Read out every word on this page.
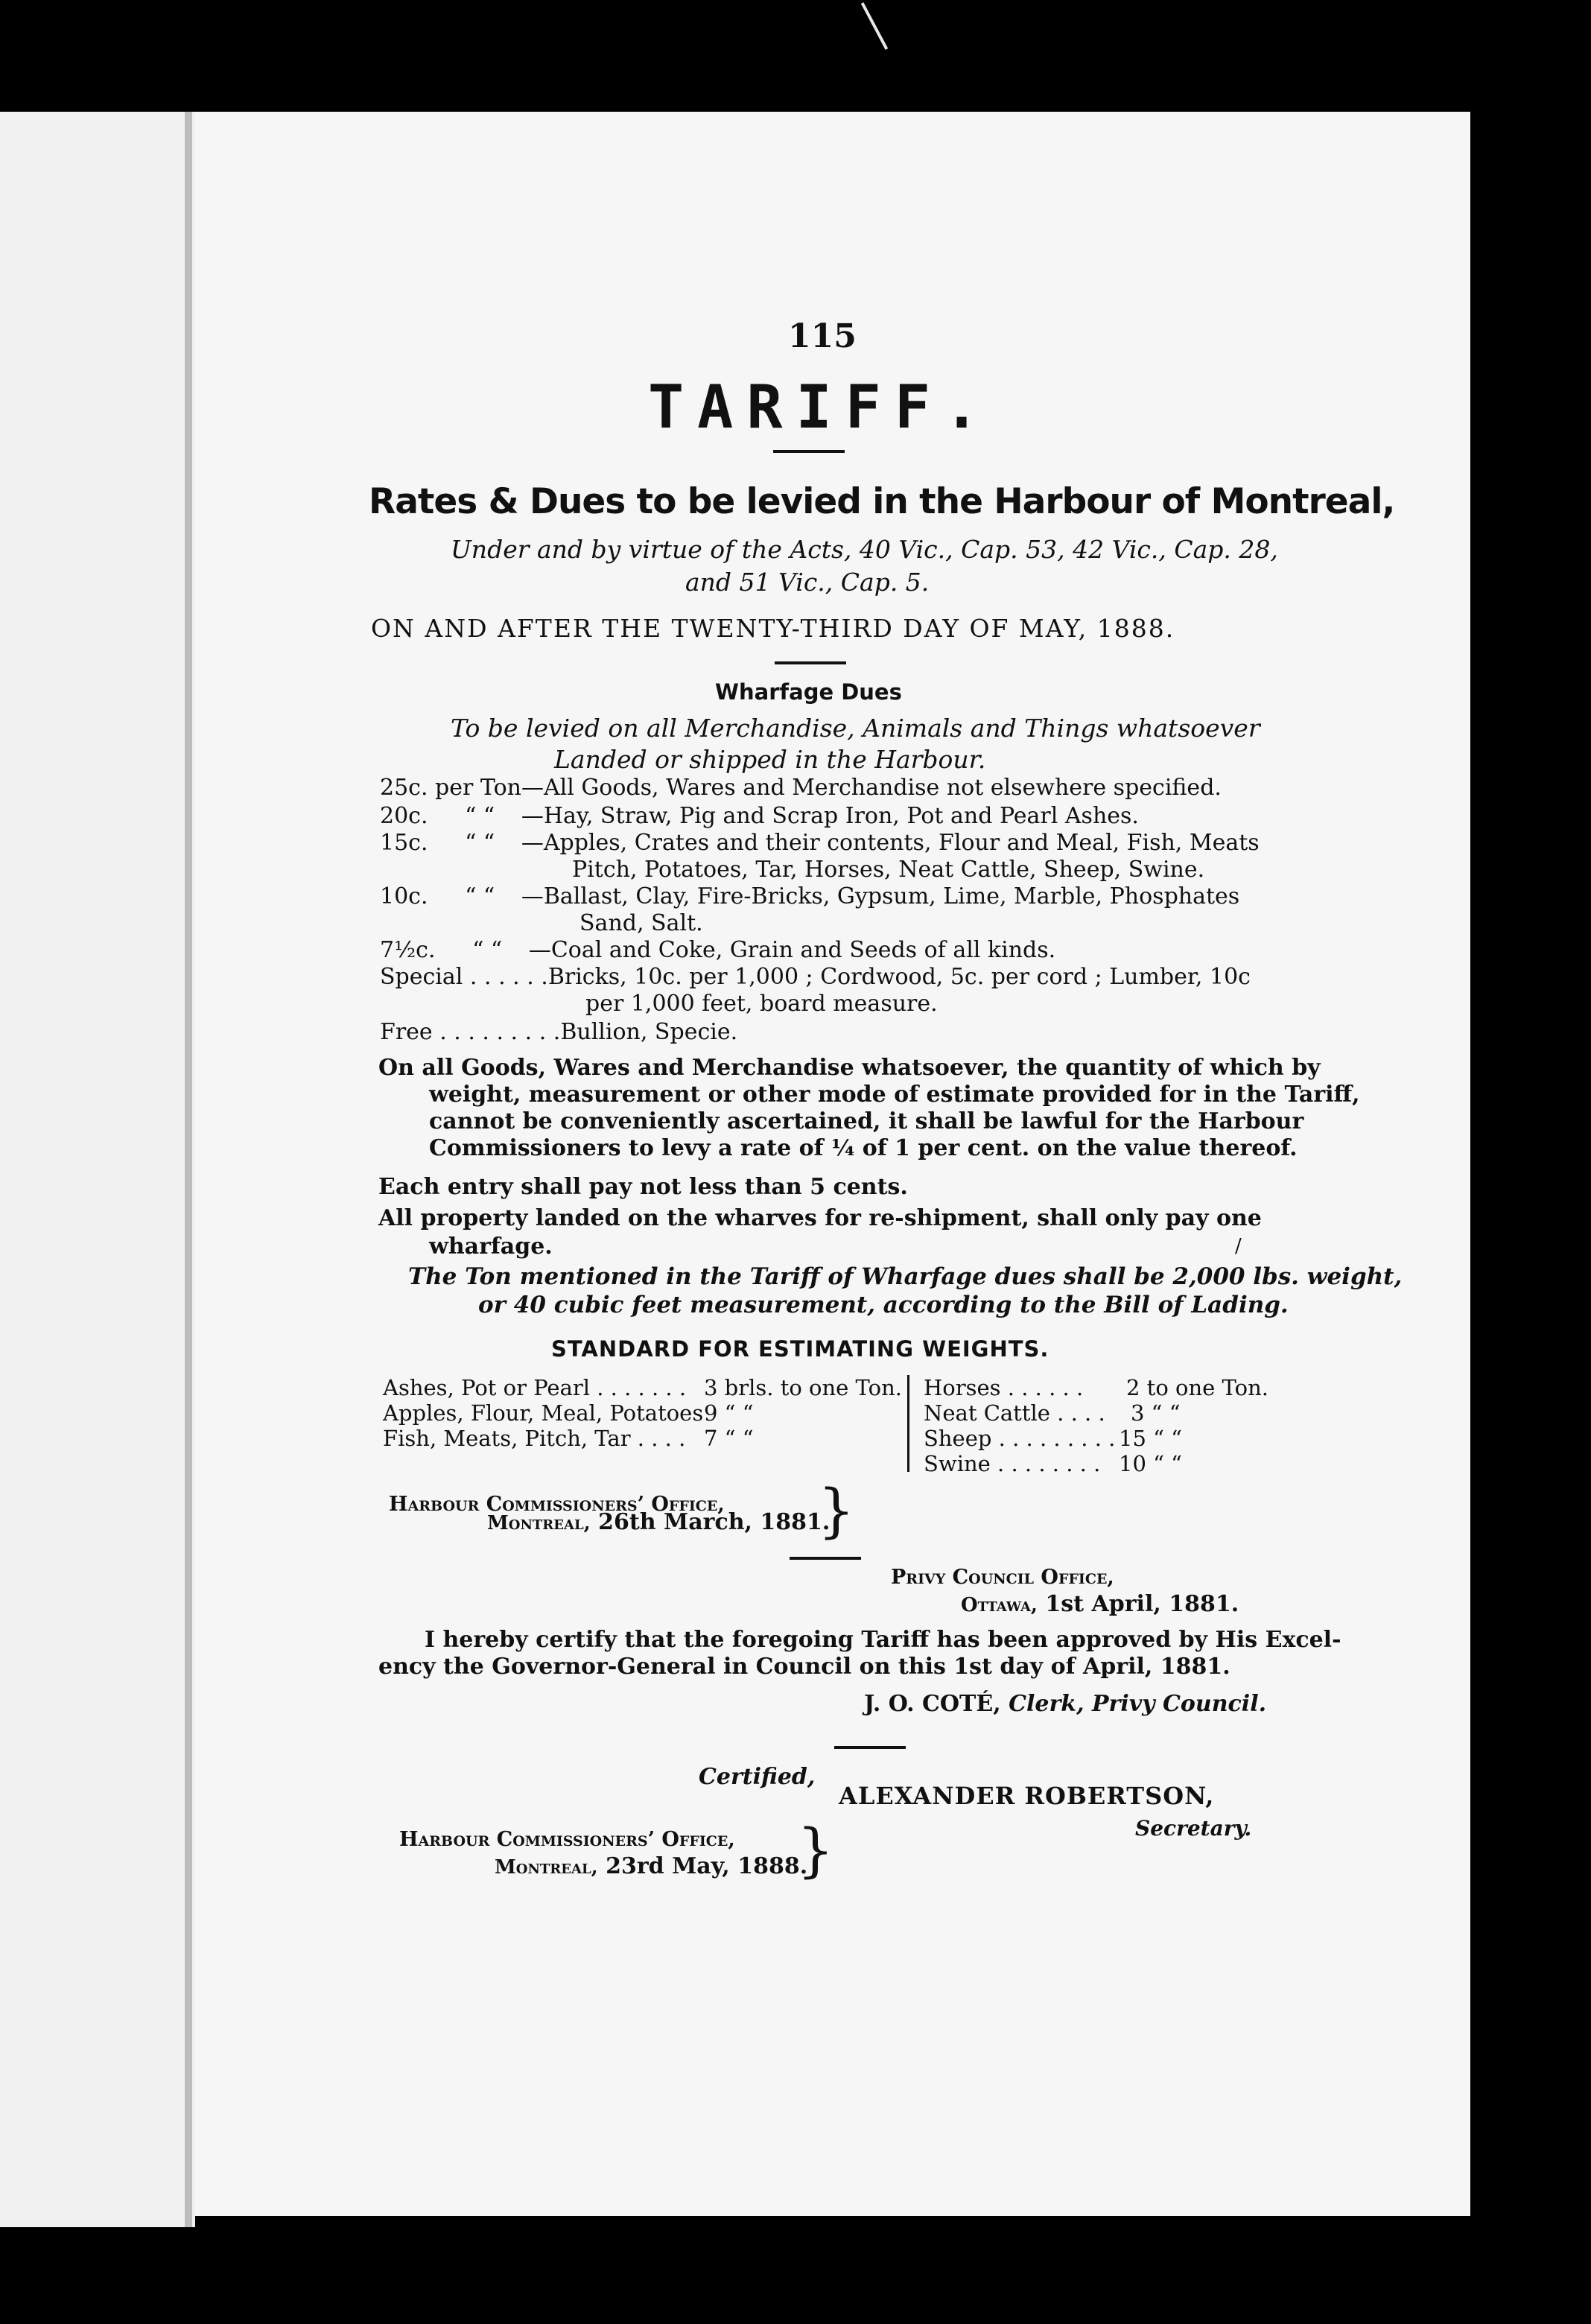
115
TARIFF.
Rates & Dues to be levied in the Harbour of Montreal,
Under and by virtue of the Acts, 40 Vic., Cap. 53, 42 Vic., Cap. 28,
and 51 Vic., Cap. 5.
ON AND AFTER THE TWENTY-THIRD DAY OF MAY, 1888.
Wharfage Dues
To be levied on all Merchandise, Animals and Things whatsoever
Landed or shipped in the Harbour.
25c. per Ton—All Goods, Wares and Merchandise not elsewhere specified.
20c. “ “ —Hay, Straw, Pig and Scrap Iron, Pot and Pearl Ashes.
15c. “ “ —Apples, Crates and their contents, Flour and Meal, Fish, Meats
Pitch, Potatoes, Tar, Horses, Neat Cattle, Sheep, Swine.
10c. “ “ —Ballast, Clay, Fire-Bricks, Gypsum, Lime, Marble, Phosphates
Sand, Salt.
7½c. “ “ —Coal and Coke, Grain and Seeds of all kinds.
Special . . . . . .Bricks, 10c. per 1,000 ; Cordwood, 5c. per cord ; Lumber, 10c
per 1,000 feet, board measure.
Free . . . . . . . . .Bullion, Specie.
On all Goods, Wares and Merchandise whatsoever, the quantity of which by
weight, measurement or other mode of estimate provided for in the Tariff,
cannot be conveniently ascertained, it shall be lawful for the Harbour
Commissioners to levy a rate of ¼ of 1 per cent. on the value thereof.
Each entry shall pay not less than 5 cents.
All property landed on the wharves for re-shipment, shall only pay one
wharfage.	/
The Ton mentioned in the Tariff of Wharfage dues shall be 2,000 lbs. weight,
or 40 cubic feet measurement, according to the Bill of Lading.
STANDARD FOR ESTIMATING WEIGHTS.
Ashes, Pot or Pearl . . . . . . . 3 brls. to one Ton.
Apples, Flour, Meal, Potatoes 9 “ “
Fish, Meats, Pitch, Tar . . . . 7 “ “
Horses . . . . . . 2 to one Ton.
Neat Cattle . . . . 3 “ “
Sheep . . . . . . . . . 15 “ “
Swine . . . . . . . . 10 “ “
Harbour Commissioners’ Office,
Montreal, 26th March, 1881.
}
Privy Council Office,
Ottawa, 1st April, 1881.
I hereby certify that the foregoing Tariff has been approved by His Excel-
ency the Governor-General in Council on this 1st day of April, 1881.
J. O. COTÉ, Clerk, Privy Council.
Certified,
ALEXANDER ROBERTSON,
Secretary.
Harbour Commissioners’ Office,
Montreal, 23rd May, 1888.
}
